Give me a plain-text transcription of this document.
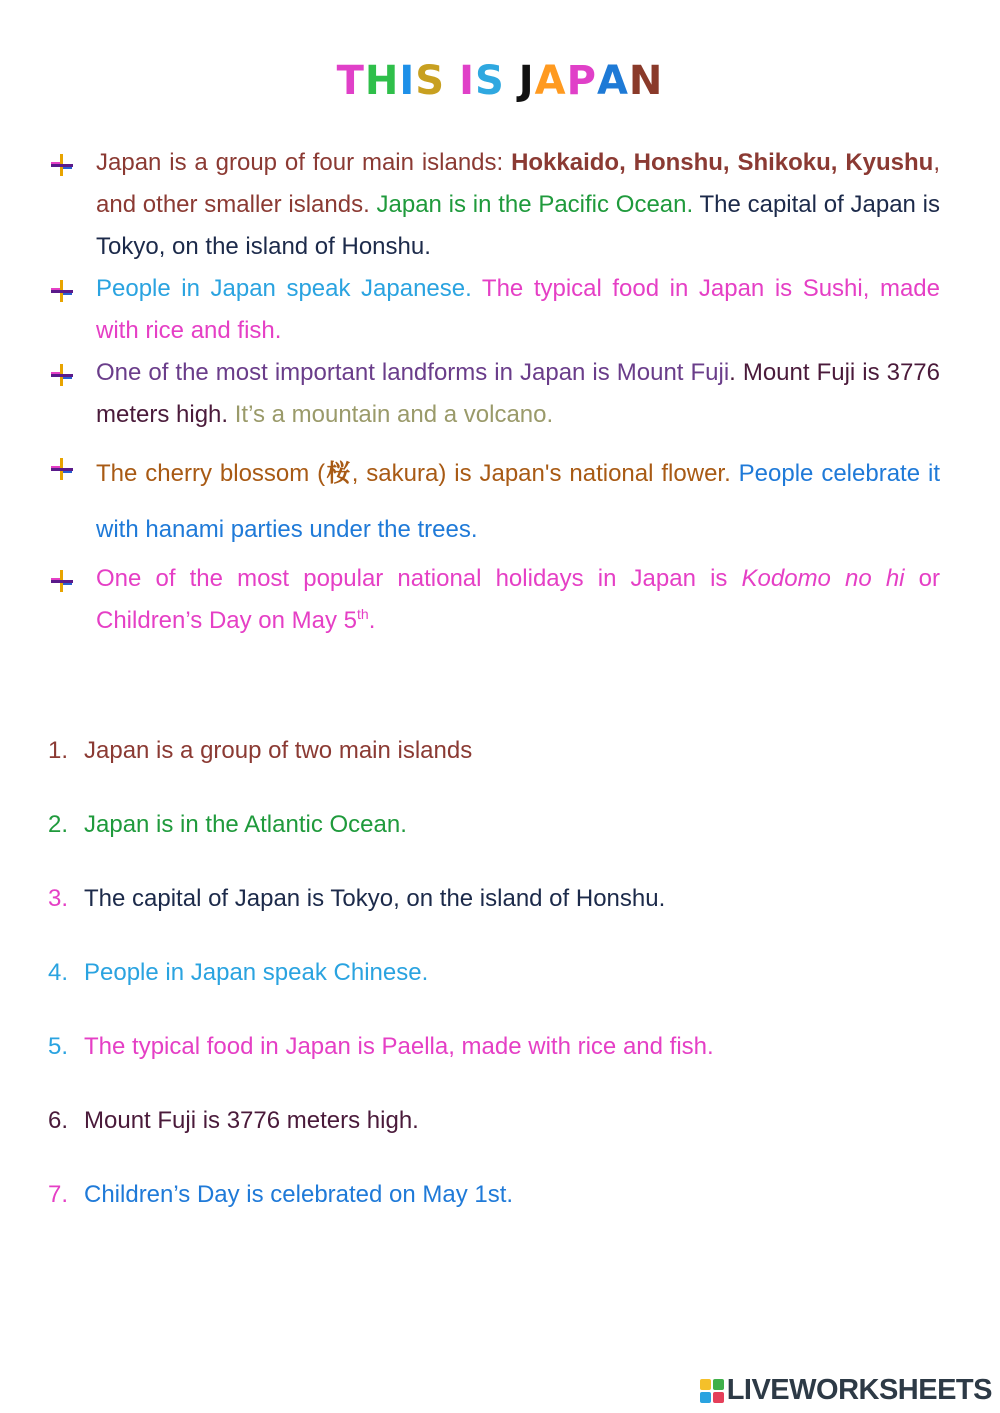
THIS IS JAPAN
Japan is a group of four main islands: Hokkaido, Honshu, Shikoku, Kyushu, and other smaller islands. Japan is in the Pacific Ocean. The capital of Japan is Tokyo, on the island of Honshu.
People in Japan speak Japanese. The typical food in Japan is Sushi, made with rice and fish.
One of the most important landforms in Japan is Mount Fuji. Mount Fuji is 3776 meters high. It’s a mountain and a volcano.
The cherry blossom (桜, sakura) is Japan's national flower. People celebrate it with hanami parties under the trees.
One of the most popular national holidays in Japan is Kodomo no hi or Children’s Day on May 5th.
1. Japan is a group of two main islands
2. Japan is in the Atlantic Ocean.
3. The capital of Japan is Tokyo, on the island of Honshu.
4. People in Japan speak Chinese.
5. The typical food in Japan is Paella, made with rice and fish.
6. Mount Fuji is 3776 meters high.
7. Children’s Day is celebrated on May 1st.
LIVEWORKSHEETS
